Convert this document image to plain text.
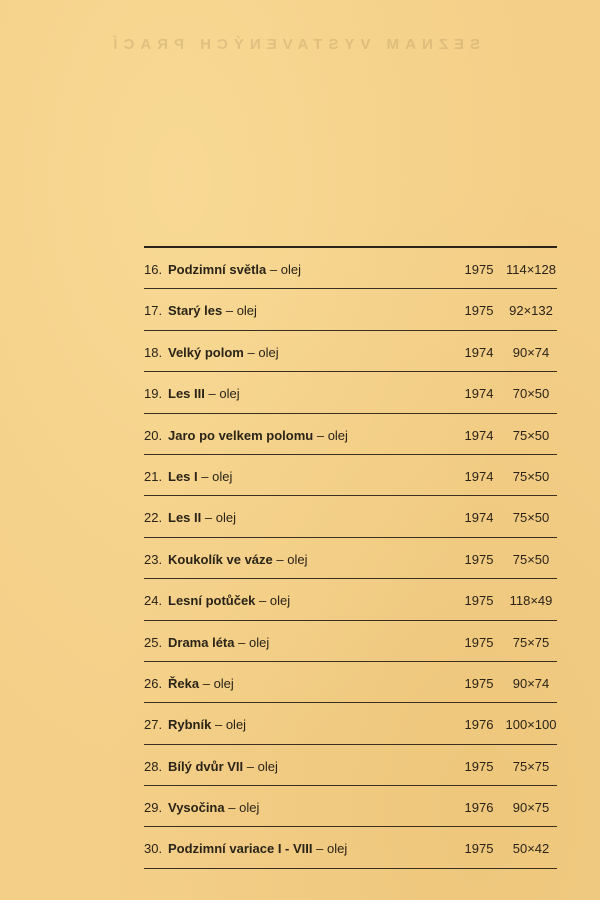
SEZNAM VYSTAVENÝCH PRACÍ
16. Podzimní světla – olej	1975 114×128
17. Starý les – olej	1975	92×132
18. Velký polom – olej	1974	90×74
19. Les III – olej	1974	70×50
20. Jaro po velkem polomu – olej	1974	75×50
21. Les I – olej	1974	75×50
22. Les II – olej	1974	75×50
23. Koukolík ve váze – olej	1975	75×50
24. Lesní potůček – olej	1975	118×49
25. Drama léta – olej	1975	75×75
26. Řeka – olej	1975	90×74
27. Rybník – olej	1976 100×100
28. Bílý dvůr VII – olej	1975	75×75
29. Vysočina – olej	1976	90×75
30. Podzimní variace I - VIII – olej	1975	50×42
